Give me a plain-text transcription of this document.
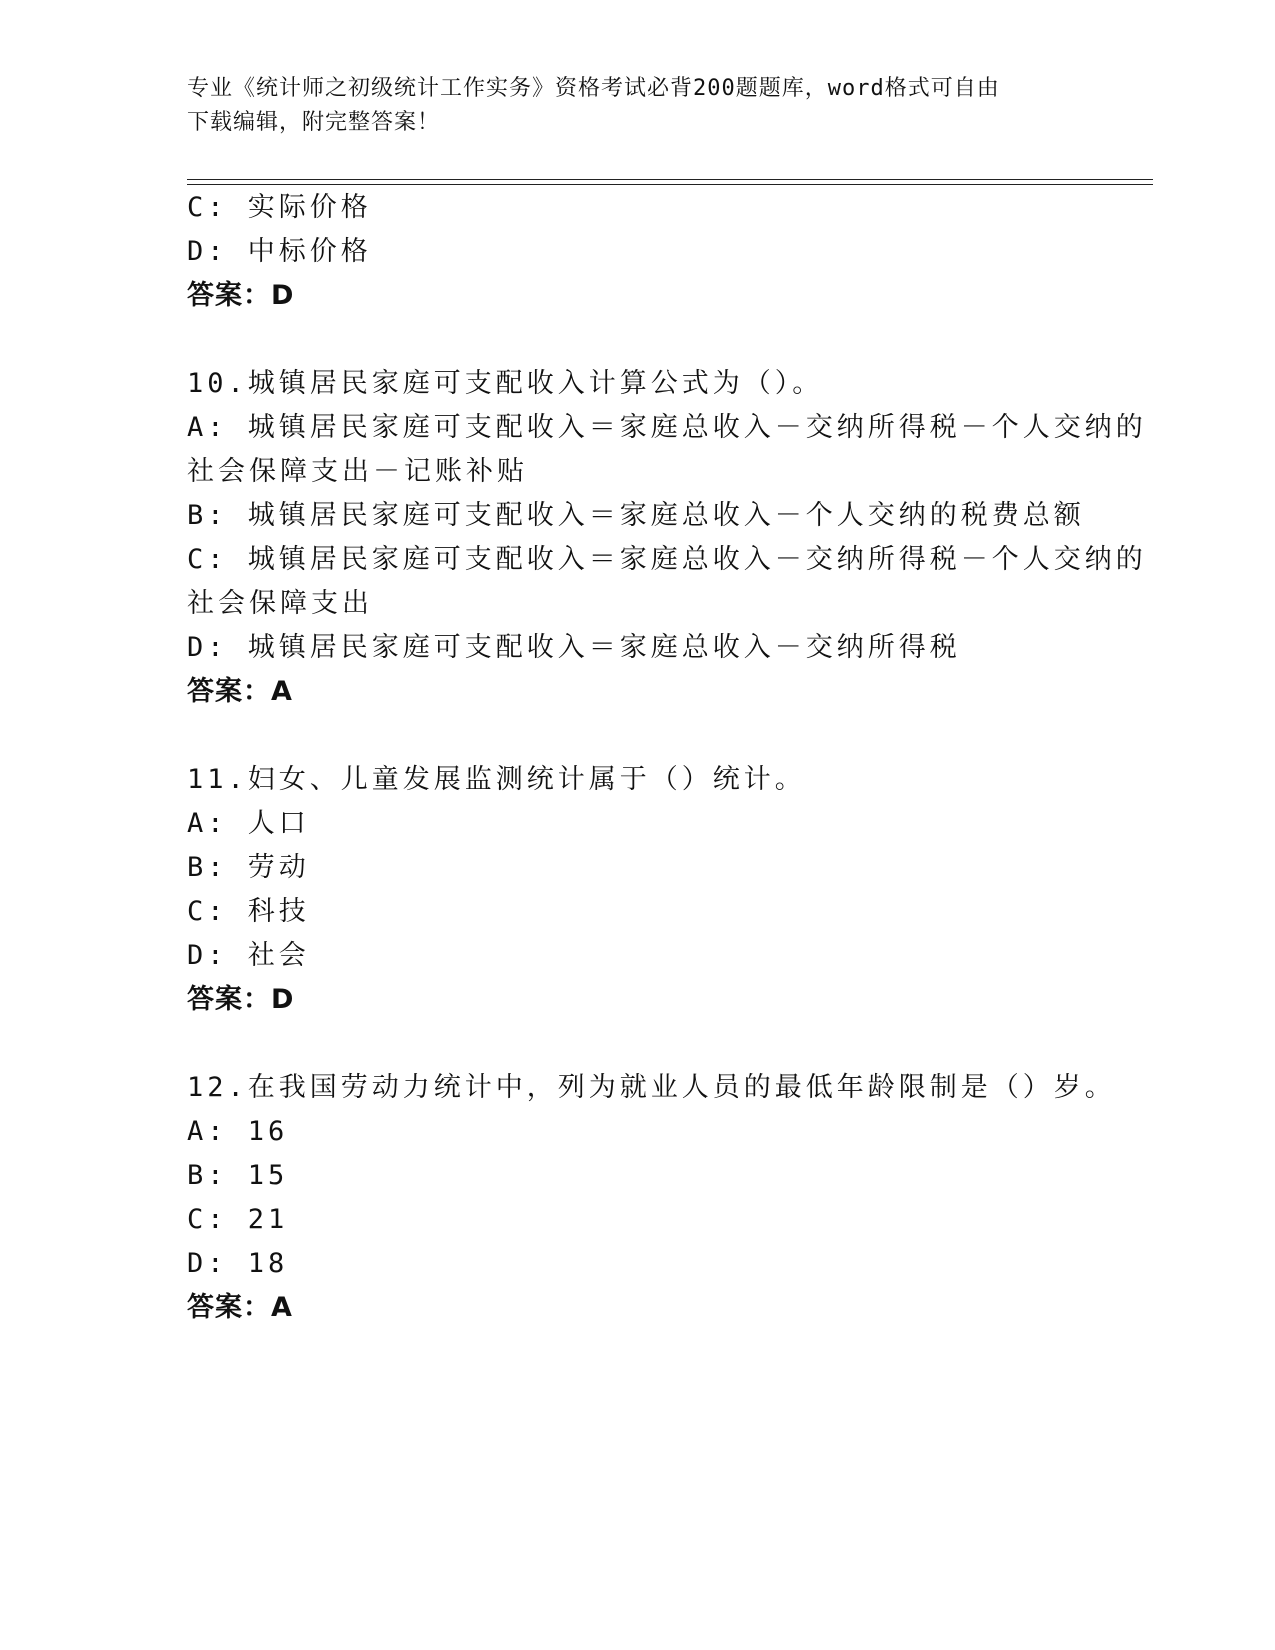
专业《统计师之初级统计工作实务》资格考试必背200题题库，word格式可自由
下载编辑，附完整答案！
C: 实际价格
D: 中标价格
答案：D
10.城镇居民家庭可支配收入计算公式为（）。
A: 城镇居民家庭可支配收入＝家庭总收入－交纳所得税－个人交纳的
社会保障支出－记账补贴
B: 城镇居民家庭可支配收入＝家庭总收入－个人交纳的税费总额
C: 城镇居民家庭可支配收入＝家庭总收入－交纳所得税－个人交纳的
社会保障支出
D: 城镇居民家庭可支配收入＝家庭总收入－交纳所得税
答案：A
11.妇女、儿童发展监测统计属于（）统计。
A: 人口
B: 劳动
C: 科技
D: 社会
答案：D
12.在我国劳动力统计中，列为就业人员的最低年龄限制是（）岁。
A: 16
B: 15
C: 21
D: 18
答案：A
